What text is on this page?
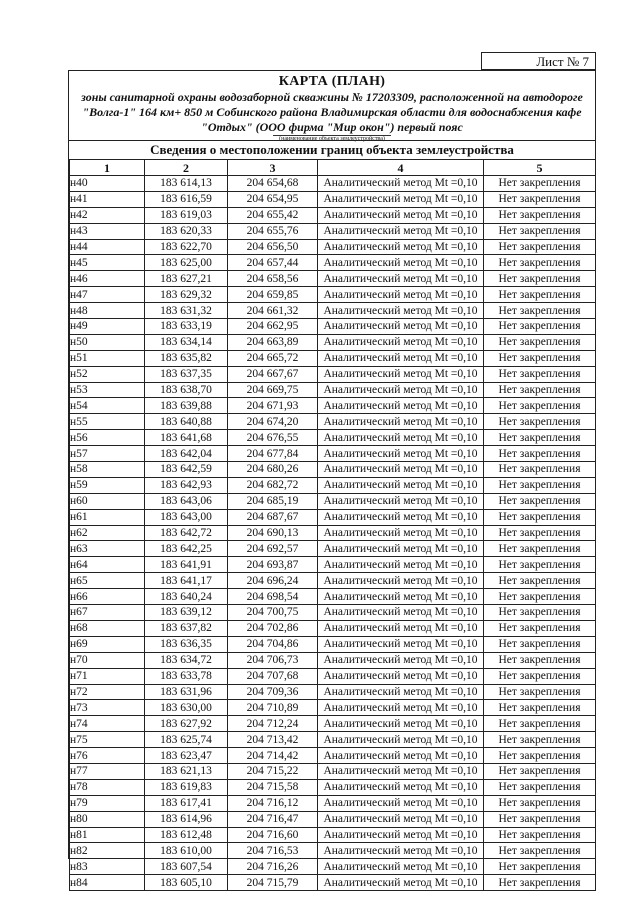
Лист № 7
КАРТА (ПЛАН)
зоны санитарной охраны водозаборной скважины № 17203309, расположенной на автодороге "Волга-1" 164 км+ 850 м Собинского района Владимирская области для водоснабжения кафе "Отдых" (ООО фирма "Мир окон") первый пояс
(наименование объекта землеустройства)
Сведения о местоположении границ объекта землеустройства
1	2	3	4	5
н40	183 614,13	204 654,68	Аналитический метод Mt =0,10	Нет закрепления
н41	183 616,59	204 654,95	Аналитический метод Mt =0,10	Нет закрепления
н42	183 619,03	204 655,42	Аналитический метод Mt =0,10	Нет закрепления
н43	183 620,33	204 655,76	Аналитический метод Mt =0,10	Нет закрепления
н44	183 622,70	204 656,50	Аналитический метод Mt =0,10	Нет закрепления
н45	183 625,00	204 657,44	Аналитический метод Mt =0,10	Нет закрепления
н46	183 627,21	204 658,56	Аналитический метод Mt =0,10	Нет закрепления
н47	183 629,32	204 659,85	Аналитический метод Mt =0,10	Нет закрепления
н48	183 631,32	204 661,32	Аналитический метод Mt =0,10	Нет закрепления
н49	183 633,19	204 662,95	Аналитический метод Mt =0,10	Нет закрепления
н50	183 634,14	204 663,89	Аналитический метод Mt =0,10	Нет закрепления
н51	183 635,82	204 665,72	Аналитический метод Mt =0,10	Нет закрепления
н52	183 637,35	204 667,67	Аналитический метод Mt =0,10	Нет закрепления
н53	183 638,70	204 669,75	Аналитический метод Mt =0,10	Нет закрепления
н54	183 639,88	204 671,93	Аналитический метод Mt =0,10	Нет закрепления
н55	183 640,88	204 674,20	Аналитический метод Mt =0,10	Нет закрепления
н56	183 641,68	204 676,55	Аналитический метод Mt =0,10	Нет закрепления
н57	183 642,04	204 677,84	Аналитический метод Mt =0,10	Нет закрепления
н58	183 642,59	204 680,26	Аналитический метод Mt =0,10	Нет закрепления
н59	183 642,93	204 682,72	Аналитический метод Mt =0,10	Нет закрепления
н60	183 643,06	204 685,19	Аналитический метод Mt =0,10	Нет закрепления
н61	183 643,00	204 687,67	Аналитический метод Mt =0,10	Нет закрепления
н62	183 642,72	204 690,13	Аналитический метод Mt =0,10	Нет закрепления
н63	183 642,25	204 692,57	Аналитический метод Mt =0,10	Нет закрепления
н64	183 641,91	204 693,87	Аналитический метод Mt =0,10	Нет закрепления
н65	183 641,17	204 696,24	Аналитический метод Mt =0,10	Нет закрепления
н66	183 640,24	204 698,54	Аналитический метод Mt =0,10	Нет закрепления
н67	183 639,12	204 700,75	Аналитический метод Mt =0,10	Нет закрепления
н68	183 637,82	204 702,86	Аналитический метод Mt =0,10	Нет закрепления
н69	183 636,35	204 704,86	Аналитический метод Mt =0,10	Нет закрепления
н70	183 634,72	204 706,73	Аналитический метод Mt =0,10	Нет закрепления
н71	183 633,78	204 707,68	Аналитический метод Mt =0,10	Нет закрепления
н72	183 631,96	204 709,36	Аналитический метод Mt =0,10	Нет закрепления
н73	183 630,00	204 710,89	Аналитический метод Mt =0,10	Нет закрепления
н74	183 627,92	204 712,24	Аналитический метод Mt =0,10	Нет закрепления
н75	183 625,74	204 713,42	Аналитический метод Mt =0,10	Нет закрепления
н76	183 623,47	204 714,42	Аналитический метод Mt =0,10	Нет закрепления
н77	183 621,13	204 715,22	Аналитический метод Mt =0,10	Нет закрепления
н78	183 619,83	204 715,58	Аналитический метод Mt =0,10	Нет закрепления
н79	183 617,41	204 716,12	Аналитический метод Mt =0,10	Нет закрепления
н80	183 614,96	204 716,47	Аналитический метод Mt =0,10	Нет закрепления
н81	183 612,48	204 716,60	Аналитический метод Mt =0,10	Нет закрепления
н82	183 610,00	204 716,53	Аналитический метод Mt =0,10	Нет закрепления
н83	183 607,54	204 716,26	Аналитический метод Mt =0,10	Нет закрепления
н84	183 605,10	204 715,79	Аналитический метод Mt =0,10	Нет закрепления
